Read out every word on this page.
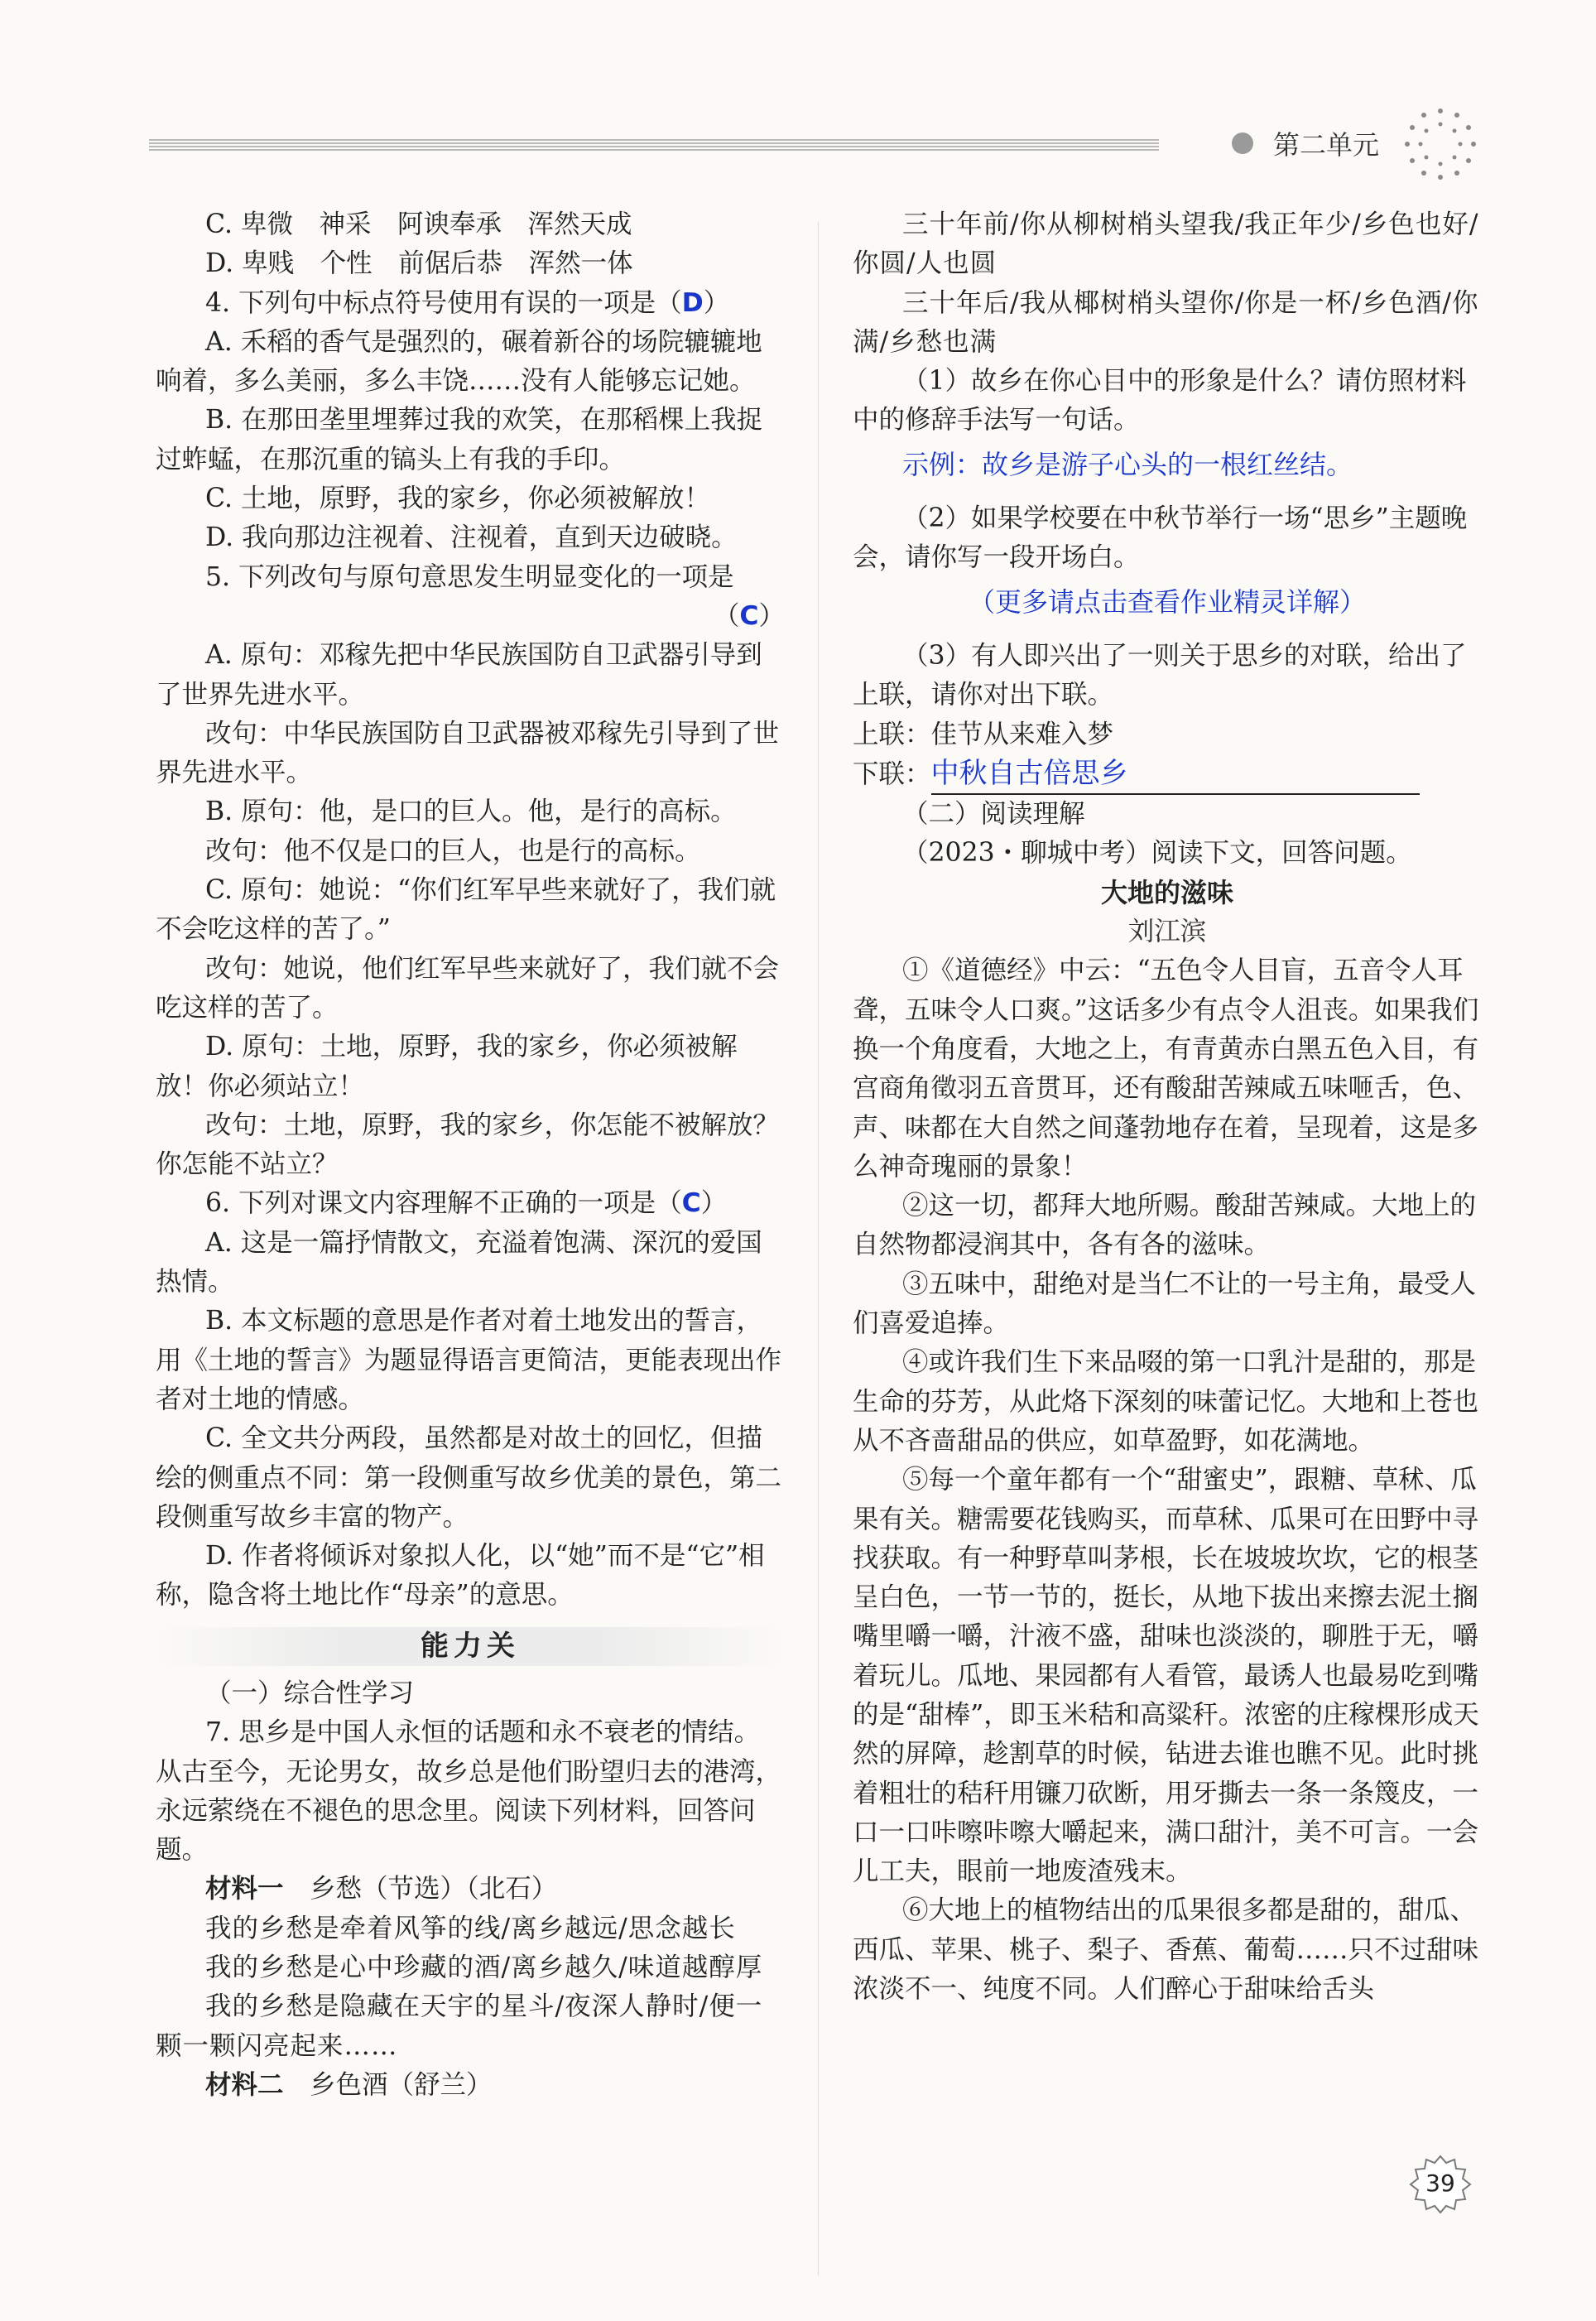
第二单元

C. 卑微　神采　阿谀奉承　浑然天成

D. 卑贱　个性　前倨后恭　浑然一体

4. 下列句中标点符号使用有误的一项是（D）

A. 禾稻的香气是强烈的，碾着新谷的场院辘辘地响着，多么美丽，多么丰饶……没有人能够忘记她。

B. 在那田垄里埋葬过我的欢笑，在那稻棵上我捉过蚱蜢，在那沉重的镐头上有我的手印。

C. 土地，原野，我的家乡，你必须被解放！

D. 我向那边注视着、注视着，直到天边破晓。

5. 下列改句与原句意思发生明显变化的一项是

（C）

A. 原句：邓稼先把中华民族国防自卫武器引导到了世界先进水平。

改句：中华民族国防自卫武器被邓稼先引导到了世界先进水平。

B. 原句：他，是口的巨人。他，是行的高标。

改句：他不仅是口的巨人，也是行的高标。

C. 原句：她说：“你们红军早些来就好了，我们就不会吃这样的苦了。”

改句：她说，他们红军早些来就好了，我们就不会吃这样的苦了。

D. 原句：土地，原野，我的家乡，你必须被解放！你必须站立！

改句：土地，原野，我的家乡，你怎能不被解放？你怎能不站立？

6. 下列对课文内容理解不正确的一项是（C）

A. 这是一篇抒情散文，充溢着饱满、深沉的爱国热情。

B. 本文标题的意思是作者对着土地发出的誓言，用《土地的誓言》为题显得语言更简洁，更能表现出作者对土地的情感。

C. 全文共分两段，虽然都是对故土的回忆，但描绘的侧重点不同：第一段侧重写故乡优美的景色，第二段侧重写故乡丰富的物产。

D. 作者将倾诉对象拟人化，以“她”而不是“它”相称，隐含将土地比作“母亲”的意思。

能力关

（一）综合性学习

7. 思乡是中国人永恒的话题和永不衰老的情结。从古至今，无论男女，故乡总是他们盼望归去的港湾，永远萦绕在不褪色的思念里。阅读下列材料，回答问题。

材料一　 乡愁（节选）（北石）

我的乡愁是牵着风筝的线/离乡越远/思念越长

我的乡愁是心中珍藏的酒/离乡越久/味道越醇厚

我的乡愁是隐藏在天宇的星斗/夜深人静时/便一颗一颗闪亮起来……

材料二　 乡色酒（舒兰）

三十年前/你从柳树梢头望我/我正年少/乡色也好/你圆/人也圆

三十年后/我从椰树梢头望你/你是一杯/乡色酒/你满/乡愁也满

（1）故乡在你心目中的形象是什么？请仿照材料中的修辞手法写一句话。

示例：故乡是游子心头的一根红丝结。

（2）如果学校要在中秋节举行一场“思乡”主题晚会，请你写一段开场白。

（更多请点击查看作业精灵详解）

（3）有人即兴出了一则关于思乡的对联，给出了上联，请你对出下联。

上联：佳节从来难入梦

下联：中秋自古倍思乡

（二）阅读理解

（2023・聊城中考）阅读下文，回答问题。

大地的滋味

刘江滨

①《道德经》中云：“五色令人目盲，五音令人耳聋，五味令人口爽。”这话多少有点令人沮丧。如果我们换一个角度看，大地之上，有青黄赤白黑五色入目，有宫商角徵羽五音贯耳，还有酸甜苦辣咸五味咂舌，色、声、味都在大自然之间蓬勃地存在着，呈现着，这是多么神奇瑰丽的景象！

②这一切，都拜大地所赐。酸甜苦辣咸。大地上的自然物都浸润其中，各有各的滋味。

③五味中，甜绝对是当仁不让的一号主角，最受人们喜爱追捧。

④或许我们生下来品啜的第一口乳汁是甜的，那是生命的芬芳，从此烙下深刻的味蕾记忆。大地和上苍也从不吝啬甜品的供应，如草盈野，如花满地。

⑤每一个童年都有一个“甜蜜史”，跟糖、草秫、瓜果有关。糖需要花钱购买，而草秫、瓜果可在田野中寻找获取。有一种野草叫茅根，长在坡坡坎坎，它的根茎呈白色，一节一节的，挺长，从地下拔出来擦去泥土搁嘴里嚼一嚼，汁液不盛，甜味也淡淡的，聊胜于无，嚼着玩儿。瓜地、果园都有人看管，最诱人也最易吃到嘴的是“甜棒”，即玉米秸和高粱秆。浓密的庄稼棵形成天然的屏障，趁割草的时候，钻进去谁也瞧不见。此时挑着粗壮的秸秆用镰刀砍断，用牙撕去一条一条篾皮，一口一口咔嚓咔嚓大嚼起来，满口甜汁，美不可言。一会儿工夫，眼前一地废渣残末。

⑥大地上的植物结出的瓜果很多都是甜的，甜瓜、西瓜、苹果、桃子、梨子、香蕉、葡萄……只不过甜味浓淡不一、纯度不同。人们醉心于甜味给舌头

39
